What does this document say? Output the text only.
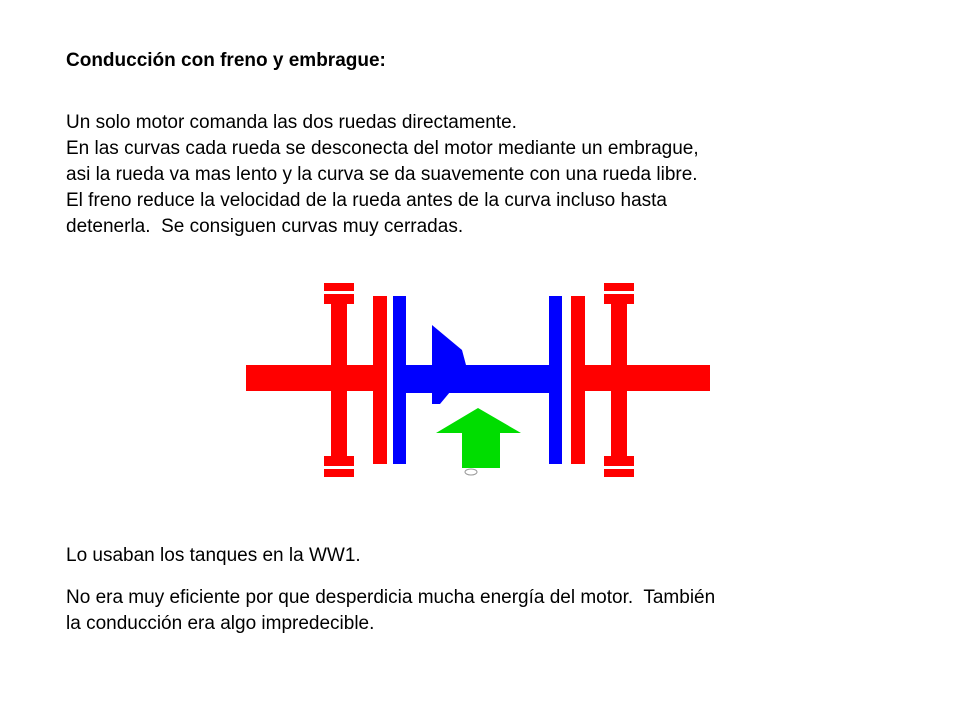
Conducción con freno y embrague:

Un solo motor comanda las dos ruedas directamente.
En las curvas cada rueda se desconecta del motor mediante un embrague,
asi la rueda va mas lento y la curva se da suavemente con una rueda libre.
El freno reduce la velocidad de la rueda antes de la curva incluso hasta
detenerla.  Se consiguen curvas muy cerradas.

Lo usaban los tanques en la WW1.

No era muy eficiente por que desperdicia mucha energía del motor.  También
la conducción era algo impredecible.
